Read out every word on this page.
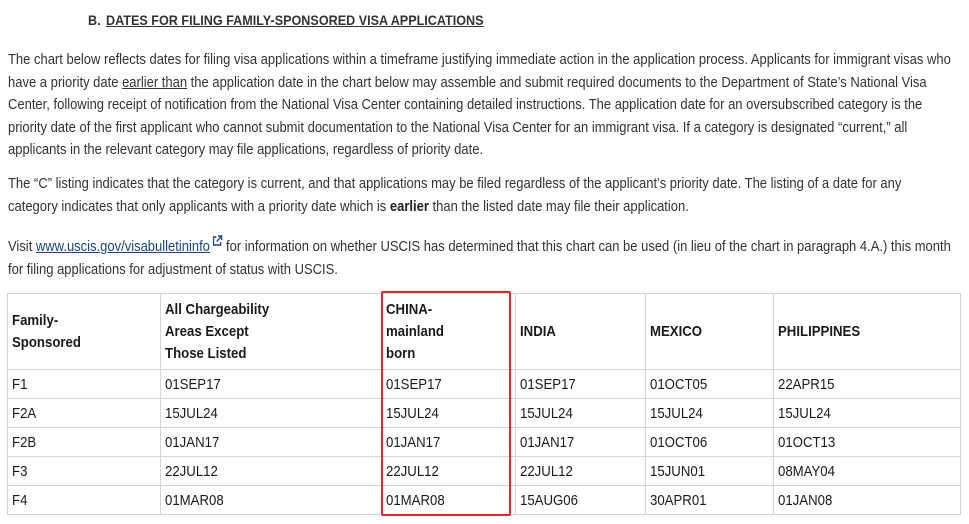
B. DATES FOR FILING FAMILY-SPONSORED VISA APPLICATIONS

The chart below reflects dates for filing visa applications within a timeframe justifying immediate action in the application process. Applicants for immigrant visas who have a priority date earlier than the application date in the chart below may assemble and submit required documents to the Department of State’s National Visa Center, following receipt of notification from the National Visa Center containing detailed instructions. The application date for an oversubscribed category is the priority date of the first applicant who cannot submit documentation to the National Visa Center for an immigrant visa. If a category is designated “current,” all applicants in the relevant category may file applications, regardless of priority date.

The “C” listing indicates that the category is current, and that applications may be filed regardless of the applicant’s priority date. The listing of a date for any category indicates that only applicants with a priority date which is earlier than the listed date may file their application.

Visit www.uscis.gov/visabulletininfo for information on whether USCIS has determined that this chart can be used (in lieu of the chart in paragraph 4.A.) this month for filing applications for adjustment of status with USCIS.

Family-
Sponsored	All Chargeability
Areas Except
Those Listed	CHINA-
mainland
born	INDIA	MEXICO	PHILIPPINES
F1	01SEP17	01SEP17	01SEP17	01OCT05	22APR15
F2A	15JUL24	15JUL24	15JUL24	15JUL24	15JUL24
F2B	01JAN17	01JAN17	01JAN17	01OCT06	01OCT13
F3	22JUL12	22JUL12	22JUL12	15JUN01	08MAY04
F4	01MAR08	01MAR08	15AUG06	30APR01	01JAN08
